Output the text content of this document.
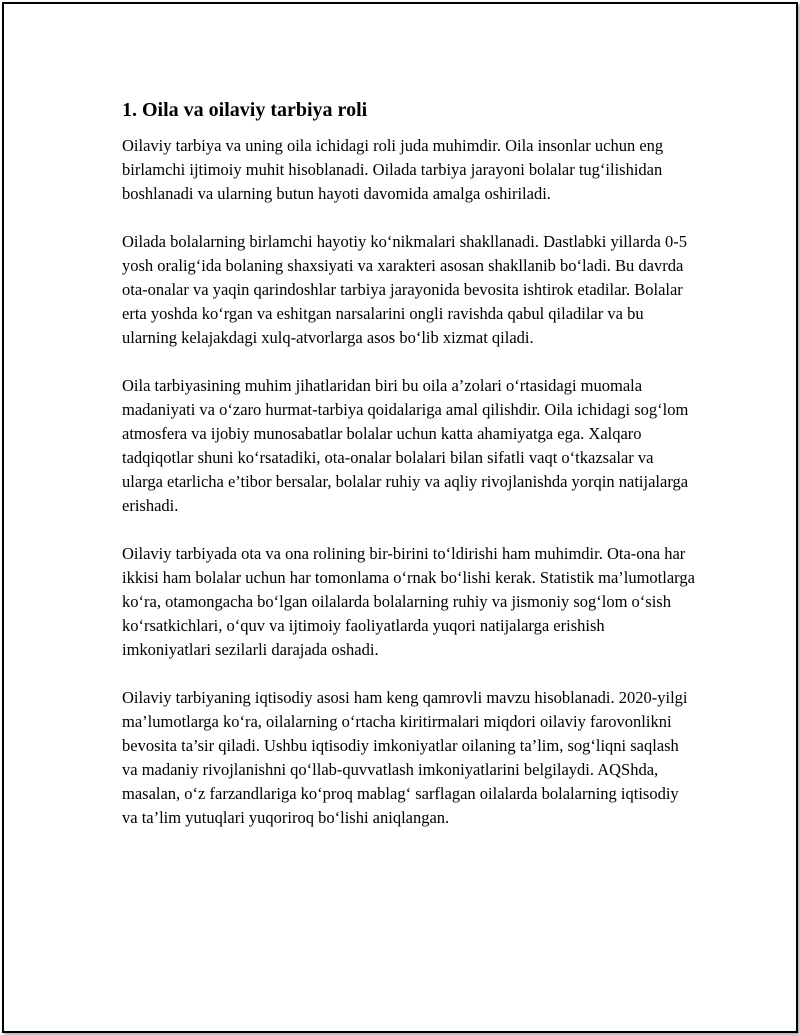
1. Oila va oilaviy tarbiya roli

Oilaviy tarbiya va uning oila ichidagi roli juda muhimdir. Oila insonlar uchun eng birlamchi ijtimoiy muhit hisoblanadi. Oilada tarbiya jarayoni bolalar tug‘ilishidan boshlanadi va ularning butun hayoti davomida amalga oshiriladi.

Oilada bolalarning birlamchi hayotiy ko‘nikmalari shakllanadi. Dastlabki yillarda 0-5 yosh oralig‘ida bolaning shaxsiyati va xarakteri asosan shakllanib bo‘ladi. Bu davrda ota-onalar va yaqin qarindoshlar tarbiya jarayonida bevosita ishtirok etadilar. Bolalar erta yoshda ko‘rgan va eshitgan narsalarini ongli ravishda qabul qiladilar va bu ularning kelajakdagi xulq-atvorlarga asos bo‘lib xizmat qiladi.

Oila tarbiyasining muhim jihatlaridan biri bu oila a’zolari o‘rtasidagi muomala madaniyati va o‘zaro hurmat-tarbiya qoidalariga amal qilishdir. Oila ichidagi sog‘lom atmosfera va ijobiy munosabatlar bolalar uchun katta ahamiyatga ega. Xalqaro tadqiqotlar shuni ko‘rsatadiki, ota-onalar bolalari bilan sifatli vaqt o‘tkazsalar va ularga etarlicha e’tibor bersalar, bolalar ruhiy va aqliy rivojlanishda yorqin natijalarga erishadi.

Oilaviy tarbiyada ota va ona rolining bir-birini to‘ldirishi ham muhimdir. Ota-ona har ikkisi ham bolalar uchun har tomonlama o‘rnak bo‘lishi kerak. Statistik ma’lumotlarga ko‘ra, otamongacha bo‘lgan oilalarda bolalarning ruhiy va jismoniy sog‘lom o‘sish ko‘rsatkichlari, o‘quv va ijtimoiy faoliyatlarda yuqori natijalarga erishish imkoniyatlari sezilarli darajada oshadi.

Oilaviy tarbiyaning iqtisodiy asosi ham keng qamrovli mavzu hisoblanadi. 2020-yilgi ma’lumotlarga ko‘ra, oilalarning o‘rtacha kiritirmalari miqdori oilaviy farovonlikni bevosita ta’sir qiladi. Ushbu iqtisodiy imkoniyatlar oilaning ta’lim, sog‘liqni saqlash va madaniy rivojlanishni qo‘llab-quvvatlash imkoniyatlarini belgilaydi. AQShda, masalan, o‘z farzandlariga ko‘proq mablag‘ sarflagan oilalarda bolalarning iqtisodiy va ta’lim yutuqlari yuqoriroq bo‘lishi aniqlangan.
